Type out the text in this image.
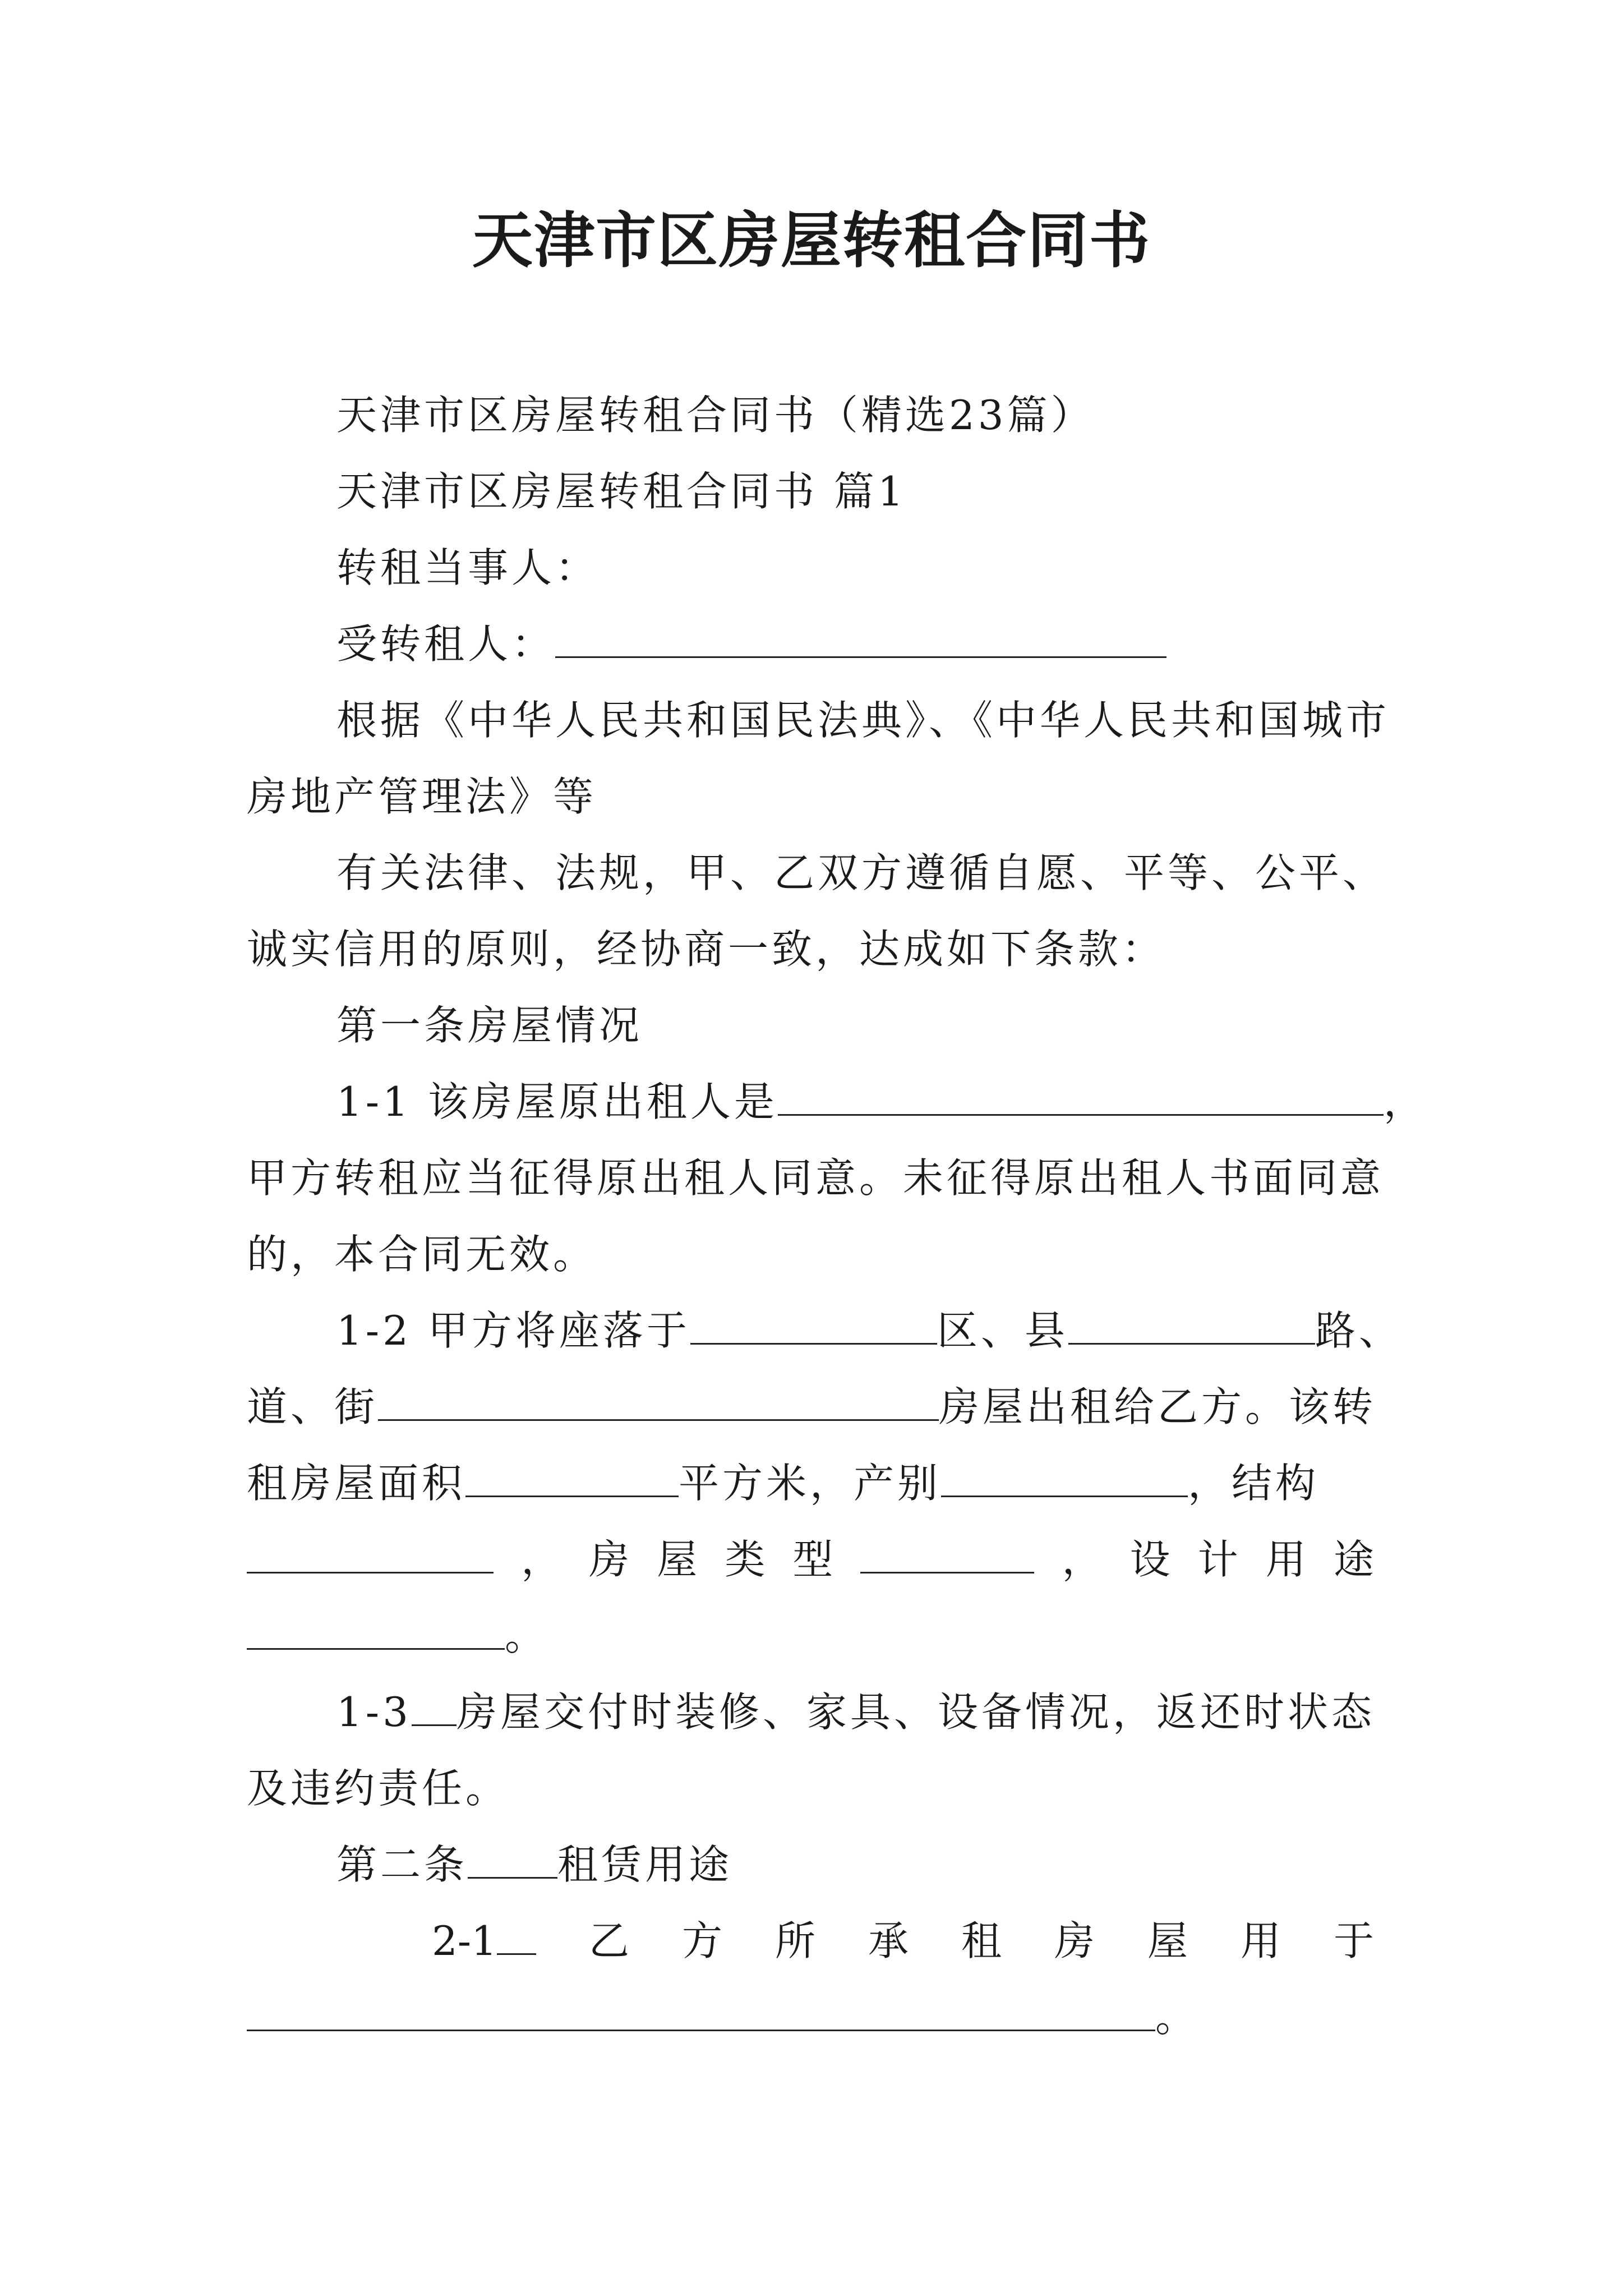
天津市区房屋转租合同书
天津市区房屋转租合同书（精选23篇）
天津市区房屋转租合同书 篇1
转租当事人：
受转租人：
根据《中华人民共和国民法典》、《中华人民共和国城市
房地产管理法》等
有关法律、法规，甲、乙双方遵循自愿、平等、公平、
诚实信用的原则，经协商一致，达成如下条款：
第一条房屋情况
1-1 该房屋原出租人是	，
甲方转租应当征得原出租人同意。未征得原出租人书面同意
的，本合同无效。
1-2 甲方将座落于	区、县	路、
道、街	房屋出租给乙方。该转
租房屋面积	平方米，产别	，结构
， 房 屋 类 型	， 设 计 用 途
。
1-3 房屋交付时装修、家具、设备情况，返还时状态
及违约责任。
第二条 租赁用途
2-1	乙 方 所 承 租 房 屋 用 于
。
